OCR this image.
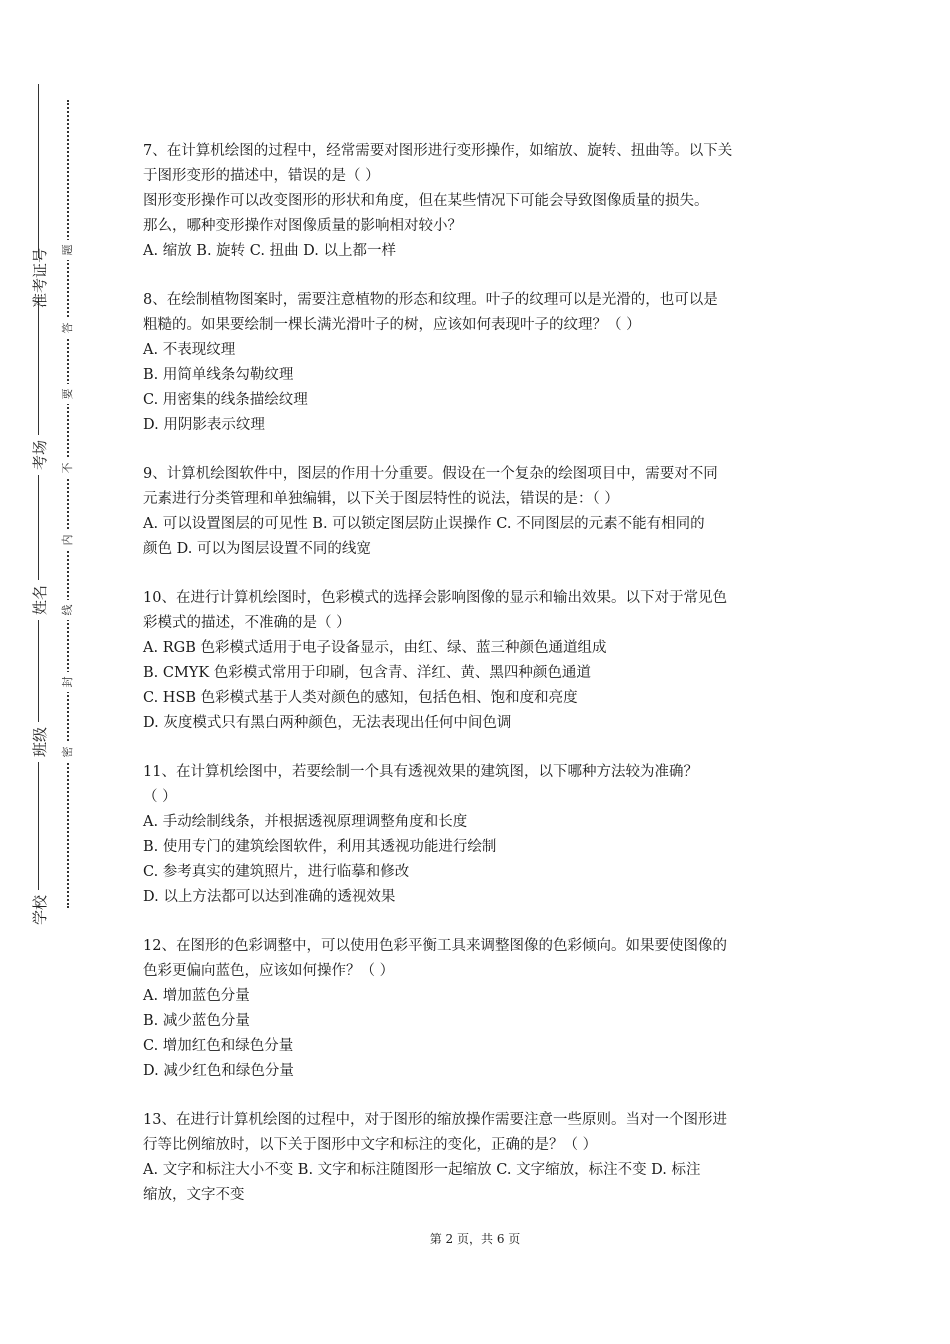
准考证号
考场
姓名
班级
学校
题
答
要
不
内
线
封
密
7、在计算机绘图的过程中，经常需要对图形进行变形操作，如缩放、旋转、扭曲等。以下关
于图形变形的描述中，错误的是（ ）
图形变形操作可以改变图形的形状和角度，但在某些情况下可能会导致图像质量的损失。
那么，哪种变形操作对图像质量的影响相对较小？
A. 缩放 B. 旋转 C. 扭曲 D. 以上都一样
8、在绘制植物图案时，需要注意植物的形态和纹理。叶子的纹理可以是光滑的，也可以是
粗糙的。如果要绘制一棵长满光滑叶子的树，应该如何表现叶子的纹理？（ ）
A. 不表现纹理
B. 用简单线条勾勒纹理
C. 用密集的线条描绘纹理
D. 用阴影表示纹理
9、计算机绘图软件中，图层的作用十分重要。假设在一个复杂的绘图项目中，需要对不同
元素进行分类管理和单独编辑，以下关于图层特性的说法，错误的是：（ ）
A. 可以设置图层的可见性 B. 可以锁定图层防止误操作 C. 不同图层的元素不能有相同的
颜色 D. 可以为图层设置不同的线宽
10、在进行计算机绘图时，色彩模式的选择会影响图像的显示和输出效果。以下对于常见色
彩模式的描述，不准确的是（ ）
A. RGB 色彩模式适用于电子设备显示，由红、绿、蓝三种颜色通道组成
B. CMYK 色彩模式常用于印刷，包含青、洋红、黄、黑四种颜色通道
C. HSB 色彩模式基于人类对颜色的感知，包括色相、饱和度和亮度
D. 灰度模式只有黑白两种颜色，无法表现出任何中间色调
11、在计算机绘图中，若要绘制一个具有透视效果的建筑图，以下哪种方法较为准确？
（ ）
A. 手动绘制线条，并根据透视原理调整角度和长度
B. 使用专门的建筑绘图软件，利用其透视功能进行绘制
C. 参考真实的建筑照片，进行临摹和修改
D. 以上方法都可以达到准确的透视效果
12、在图形的色彩调整中，可以使用色彩平衡工具来调整图像的色彩倾向。如果要使图像的
色彩更偏向蓝色，应该如何操作？（ ）
A. 增加蓝色分量
B. 减少蓝色分量
C. 增加红色和绿色分量
D. 减少红色和绿色分量
13、在进行计算机绘图的过程中，对于图形的缩放操作需要注意一些原则。当对一个图形进
行等比例缩放时，以下关于图形中文字和标注的变化，正确的是？（ ）
A. 文字和标注大小不变 B. 文字和标注随图形一起缩放 C. 文字缩放，标注不变 D. 标注
缩放，文字不变
第 2 页，共 6 页
